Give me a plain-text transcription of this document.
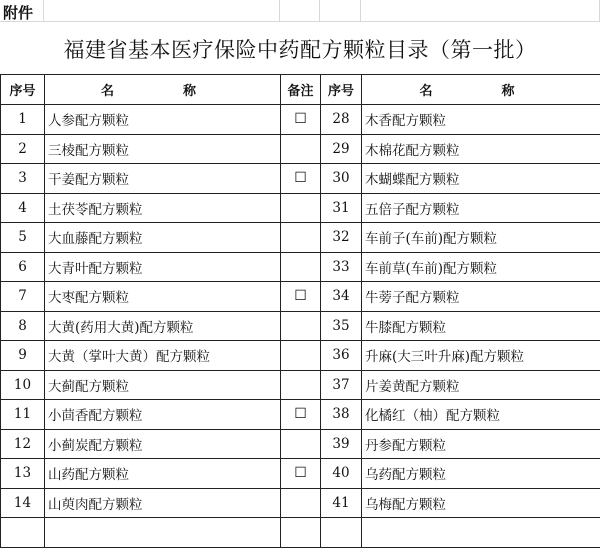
附件
福建省基本医疗保险中药配方颗粒目录（第一批）
序号	名　称	备注	序号	名　称
1	人参配方颗粒	☐	28	木香配方颗粒
2	三棱配方颗粒		29	木棉花配方颗粒
3	干姜配方颗粒	☐	30	木蝴蝶配方颗粒
4	土茯苓配方颗粒		31	五倍子配方颗粒
5	大血藤配方颗粒		32	车前子(车前)配方颗粒
6	大青叶配方颗粒		33	车前草(车前)配方颗粒
7	大枣配方颗粒	☐	34	牛蒡子配方颗粒
8	大黄(药用大黄)配方颗粒		35	牛膝配方颗粒
9	大黄（掌叶大黄）配方颗粒		36	升麻(大三叶升麻)配方颗粒
10	大蓟配方颗粒		37	片姜黄配方颗粒
11	小茴香配方颗粒	☐	38	化橘红（柚）配方颗粒
12	小蓟炭配方颗粒		39	丹参配方颗粒
13	山药配方颗粒	☐	40	乌药配方颗粒
14	山萸肉配方颗粒		41	乌梅配方颗粒
